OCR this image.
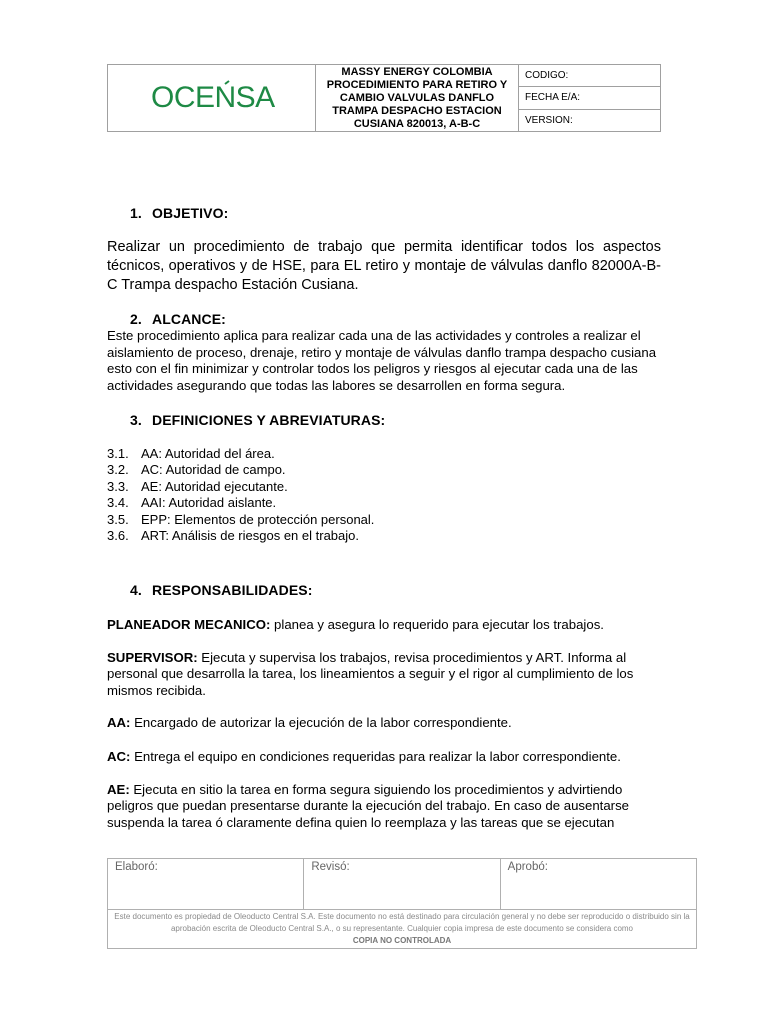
OCENSA
	MASSY ENERGY COLOMBIA
PROCEDIMIENTO PARA RETIRO Y
CAMBIO VALVULAS DANFLO
TRAMPA DESPACHO ESTACION
CUSIANA 820013, A-B-C	CODIGO:
FECHA E/A:
VERSION:
1. OBJETIVO:
Realizar un procedimiento de trabajo que permita identificar todos los aspectos técnicos, operativos y de HSE, para EL retiro y montaje de válvulas danflo 82000A-B-C Trampa despacho Estación Cusiana.
2. ALCANCE:
Este procedimiento aplica para realizar cada una de las actividades y controles a realizar el aislamiento de proceso, drenaje, retiro y montaje de válvulas danflo trampa despacho cusiana esto con el fin minimizar y controlar todos los peligros y riesgos al ejecutar cada una de las actividades asegurando que todas las labores se desarrollen en forma segura.
3. DEFINICIONES Y ABREVIATURAS:
3.1. AA: Autoridad del área.
3.2. AC: Autoridad de campo.
3.3. AE: Autoridad ejecutante.
3.4. AAI: Autoridad aislante.
3.5. EPP: Elementos de protección personal.
3.6. ART: Análisis de riesgos en el trabajo.
4. RESPONSABILIDADES:
PLANEADOR MECANICO: planea y asegura lo requerido para ejecutar los trabajos.
SUPERVISOR: Ejecuta y supervisa los trabajos, revisa procedimientos y ART. Informa al personal que desarrolla la tarea, los lineamientos a seguir y el rigor al cumplimiento de los mismos recibida.
AA: Encargado de autorizar la ejecución de la labor correspondiente.
AC: Entrega el equipo en condiciones requeridas para realizar la labor correspondiente.
AE: Ejecuta en sitio la tarea en forma segura siguiendo los procedimientos y advirtiendo peligros que puedan presentarse durante la ejecución del trabajo. En caso de ausentarse suspenda la tarea ó claramente defina quien lo reemplaza y las tareas que se ejecutan
Elaboró:	Revisó:	Aprobó:
Este documento es propiedad de Oleoducto Central S.A. Este documento no está destinado para circulación general y no debe ser reproducido o distribuido sin la aprobación escrita de Oleoducto Central S.A., o su representante. Cualquier copia impresa de este documento se considera como
COPIA NO CONTROLADA
